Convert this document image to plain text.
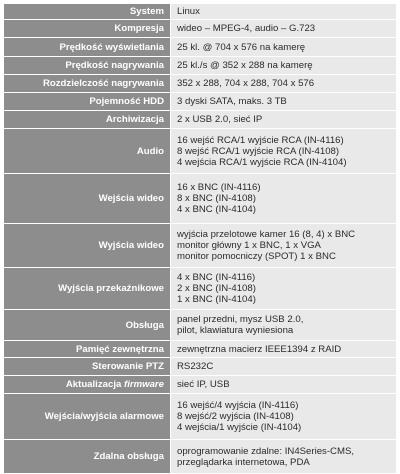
System	Linux

Kompresja	wideo – MPEG-4, audio – G.723

Prędkość wyświetlania	25 kl. @ 704 x 576 na kamerę

Prędkość nagrywania	25 kl./s @ 352 x 288 na kamerę

Rozdzielczość nagrywania	352 x 288, 704 x 288, 704 x 576

Pojemność HDD	3 dyski SATA, maks. 3 TB

Archiwizacja	2 x USB 2.0, sieć IP

Audio	16 wejść RCA/1 wyjście RCA (IN-4116)
8 wejść RCA/1 wyjście RCA (IN-4108)
4 wejścia RCA/1 wyjście RCA (IN-4104)

Wejścia wideo	16 x BNC (IN-4116)
8 x BNC (IN-4108)
4 x BNC (IN-4104)

Wyjścia wideo	wyjścia przelotowe kamer 16 (8, 4) x BNC
monitor główny 1 x BNC, 1 x VGA
monitor pomocniczy (SPOT) 1 x BNC

Wyjścia przekaźnikowe	4 x BNC (IN-4116)
2 x BNC (IN-4108)
1 x BNC (IN-4104)

Obsługa	panel przedni, mysz USB 2.0,
pilot, klawiatura wyniesiona

Pamięć zewnętrzna	zewnętrzna macierz IEEE1394 z RAID

Sterowanie PTZ	RS232C

Aktualizacja firmware	sieć IP, USB

Wejścia/wyjścia alarmowe	16 wejść/4 wyjścia (IN-4116)
8 wejść/2 wyjścia (IN-4108)
4 wejścia/1 wyjście (IN-4104)

Zdalna obsługa	oprogramowanie zdalne: IN4Series-CMS,
przeglądarka internetowa, PDA
